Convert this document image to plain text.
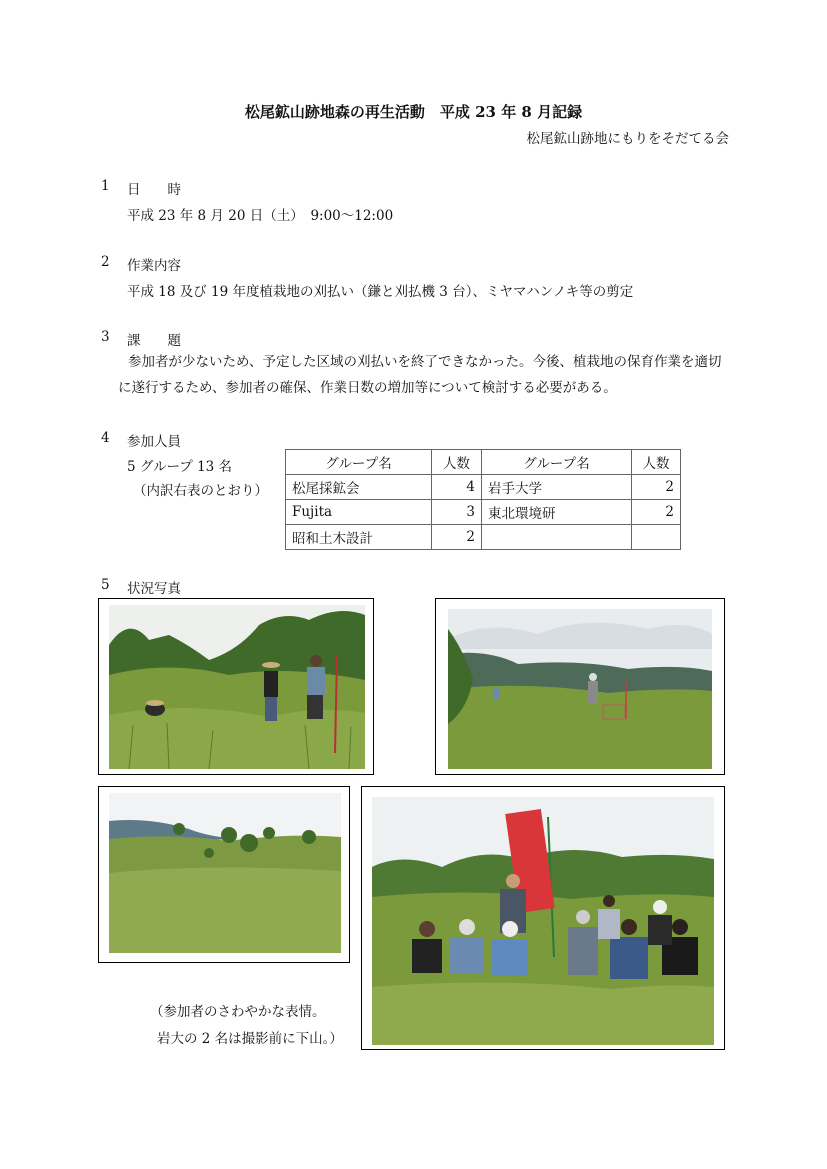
松尾鉱山跡地森の再生活動　平成 23 年 8 月記録
松尾鉱山跡地にもりをそだてる会
1 日　　時
平成 23 年 8 月 20 日（土）　9:00～12:00
2 作業内容
平成 18 及び 19 年度植栽地の刈払い（鎌と刈払機 3 台）、ミヤマハンノキ等の剪定
3 課　　題
参加者が少ないため、予定した区域の刈払いを終了できなかった。今後、植栽地の保育作業を適切に遂行するため、参加者の確保、作業日数の増加等について検討する必要がある。
4 参加人員
5 グループ 13 名
（内訳右表のとおり）
グループ名	人数	グループ名	人数
松尾採鉱会	4	岩手大学	2
Fujita	3	東北環境研	2
昭和土木設計	2		
5 状況写真
（参加者のさわやかな表情。
岩大の 2 名は撮影前に下山。）
